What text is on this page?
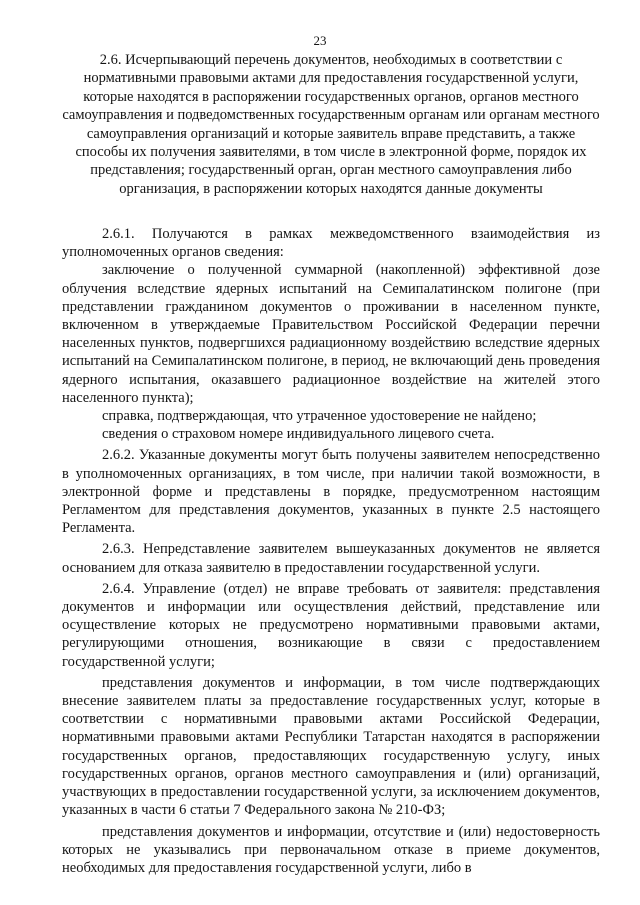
23
2.6. Исчерпывающий перечень документов, необходимых в соответствии с нормативными правовыми актами для предоставления государственной услуги, которые находятся в распоряжении государственных органов, органов местного самоуправления и подведомственных государственным органам или органам местного самоуправления организаций и которые заявитель вправе представить, а также способы их получения заявителями, в том числе в электронной форме, порядок их представления; государственный орган, орган местного самоуправления либо организация, в распоряжении которых находятся данные документы

2.6.1. Получаются в рамках межведомственного взаимодействия из уполномоченных органов сведения:

заключение о полученной суммарной (накопленной) эффективной дозе облучения вследствие ядерных испытаний на Семипалатинском полигоне (при представлении гражданином документов о проживании в населенном пункте, включенном в утверждаемые Правительством Российской Федерации перечни населенных пунктов, подвергшихся радиационному воздействию вследствие ядерных испытаний на Семипалатинском полигоне, в период, не включающий день проведения ядерного испытания, оказавшего радиационное воздействие на жителей этого населенного пункта);

справка, подтверждающая, что утраченное удостоверение не найдено;

сведения о страховом номере индивидуального лицевого счета.

2.6.2. Указанные документы могут быть получены заявителем непосредственно в уполномоченных организациях, в том числе, при наличии такой возможности, в электронной форме и представлены в порядке, предусмотренном настоящим Регламентом для представления документов, указанных в пункте 2.5 настоящего Регламента.

2.6.3. Непредставление заявителем вышеуказанных документов не является основанием для отказа заявителю в предоставлении государственной услуги.

2.6.4. Управление (отдел) не вправе требовать от заявителя: представления документов и информации или осуществления действий, представление или осуществление которых не предусмотрено нормативными правовыми актами, регулирующими отношения, возникающие в связи с предоставлением государственной услуги;

представления документов и информации, в том числе подтверждающих внесение заявителем платы за предоставление государственных услуг, которые в соответствии с нормативными правовыми актами Российской Федерации, нормативными правовыми актами Республики Татарстан находятся в распоряжении государственных органов, предоставляющих государственную услугу, иных государственных органов, органов местного самоуправления и (или) организаций, участвующих в предоставлении государственной услуги, за исключением документов, указанных в части 6 статьи 7 Федерального закона № 210-ФЗ;

представления документов и информации, отсутствие и (или) недостоверность которых не указывались при первоначальном отказе в приеме документов, необходимых для предоставления государственной услуги, либо в
